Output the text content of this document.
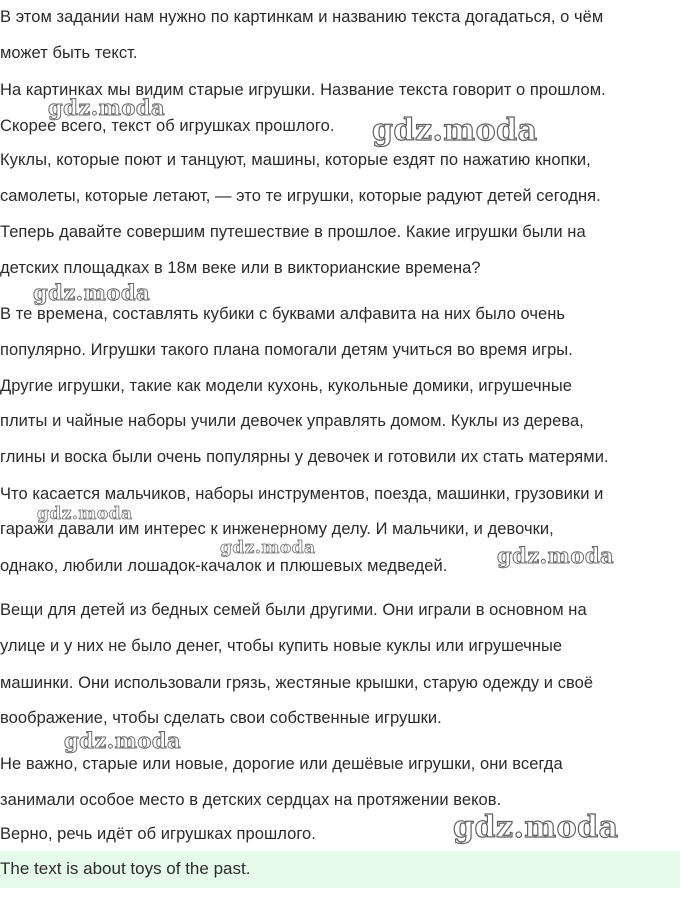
В этом задании нам нужно по картинкам и названию текста догадаться, о чём
может быть текст.
На картинках мы видим старые игрушки. Название текста говорит о прошлом.
Скорее всего, текст об игрушках прошлого.
Куклы, которые поют и танцуют, машины, которые ездят по нажатию кнопки,
самолеты, которые летают, — это те игрушки, которые радуют детей сегодня.
Теперь давайте совершим путешествие в прошлое. Какие игрушки были на
детских площадках в 18м веке или в викторианские времена?
В те времена, составлять кубики с буквами алфавита на них было очень
популярно. Игрушки такого плана помогали детям учиться во время игры.
Другие игрушки, такие как модели кухонь, кукольные домики, игрушечные
плиты и чайные наборы учили девочек управлять домом. Куклы из дерева,
глины и воска были очень популярны у девочек и готовили их стать матерями.
Что касается мальчиков, наборы инструментов, поезда, машинки, грузовики и
гаражи давали им интерес к инженерному делу. И мальчики, и девочки,
однако, любили лошадок-качалок и плюшевых медведей.
Вещи для детей из бедных семей были другими. Они играли в основном на
улице и у них не было денег, чтобы купить новые куклы или игрушечные
машинки. Они использовали грязь, жестяные крышки, старую одежду и своё
воображение, чтобы сделать свои собственные игрушки.
Не важно, старые или новые, дорогие или дешёвые игрушки, они всегда
занимали особое место в детских сердцах на протяжении веков.
Верно, речь идёт об игрушках прошлого.
The text is about toys of the past.
gdz.moda
gdz.moda
gdz.moda
gdz.moda
gdz.moda	gdz.moda
gdz.moda
gdz.moda
